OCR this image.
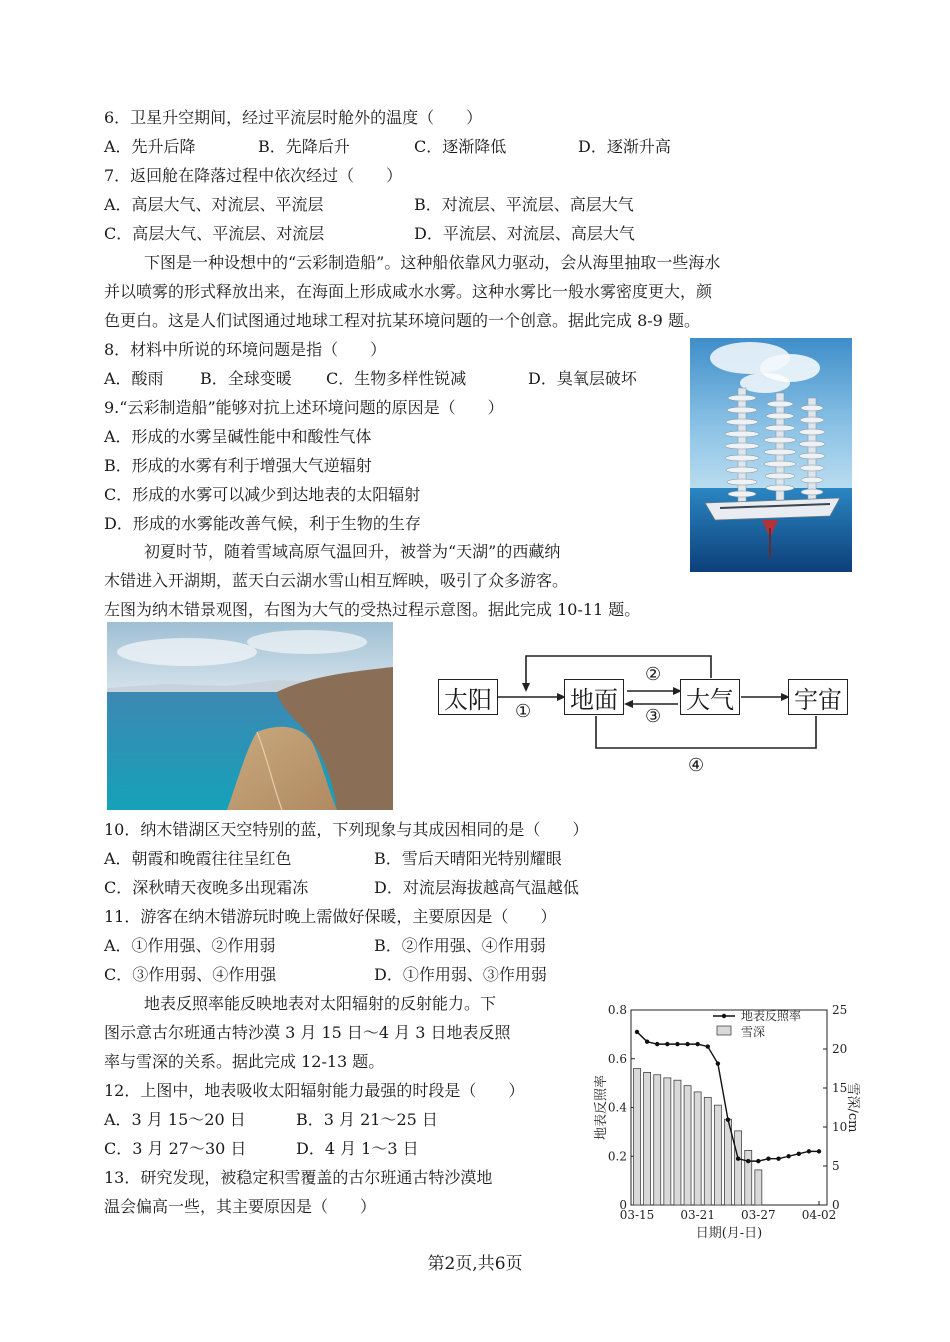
6．卫星升空期间，经过平流层时舱外的温度（　　）
A．先升后降	B．先降后升	C．逐渐降低	D．逐渐升高
7．返回舱在降落过程中依次经过（　　）
A．高层大气、对流层、平流层	B．对流层、平流层、高层大气
C．高层大气、平流层、对流层	D．平流层、对流层、高层大气
下图是一种设想中的“云彩制造船”。这种船依靠风力驱动，会从海里抽取一些海水
并以喷雾的形式释放出来，在海面上形成咸水水雾。这种水雾比一般水雾密度更大，颜
色更白。这是人们试图通过地球工程对抗某环境问题的一个创意。据此完成 8-9 题。
8．材料中所说的环境问题是指（　　）
A．酸雨 B．全球变暖 C．生物多样性锐减	D．臭氧层破坏
9.“云彩制造船”能够对抗上述环境问题的原因是（　　）
A．形成的水雾呈碱性能中和酸性气体
B．形成的水雾有利于增强大气逆辐射
C．形成的水雾可以减少到达地表的太阳辐射
D．形成的水雾能改善气候，利于生物的生存
初夏时节，随着雪域高原气温回升，被誉为“天湖”的西藏纳
木错进入开湖期，蓝天白云湖水雪山相互辉映，吸引了众多游客。
左图为纳木错景观图，右图为大气的受热过程示意图。据此完成 10-11 题。
太阳	地面	大气	宇宙
①
②
③
④
10．纳木错湖区天空特别的蓝，下列现象与其成因相同的是（　　）
A．朝霞和晚霞往往呈红色	B．雪后天晴阳光特别耀眼
C．深秋晴天夜晚多出现霜冻	D．对流层海拔越高气温越低
11．游客在纳木错游玩时晚上需做好保暖，主要原因是（　　）
A．①作用强、②作用弱	B．②作用强、④作用弱
C．③作用弱、④作用强	D．①作用弱、③作用弱
地表反照率能反映地表对太阳辐射的反射能力。下
图示意古尔班通古特沙漠 3 月 15 日～4 月 3 日地表反照
率与雪深的关系。据此完成 12-13 题。
12．上图中，地表吸收太阳辐射能力最强的时段是（　　）
A．3 月 15～20 日	B．3 月 21～25 日
C．3 月 27～30 日	D．4 月 1～3 日
13．研究发现，被稳定积雪覆盖的古尔班通古特沙漠地
温会偏高一些，其主要原因是（　　）	0
0.2
0.4
0.6
0.8
0
5
10
15
20
25
03-15 03-21 03-27 04-02
日期(月-日)
地表反照率	雪深/cm
地表反照率
雪深
第2页,共6页
